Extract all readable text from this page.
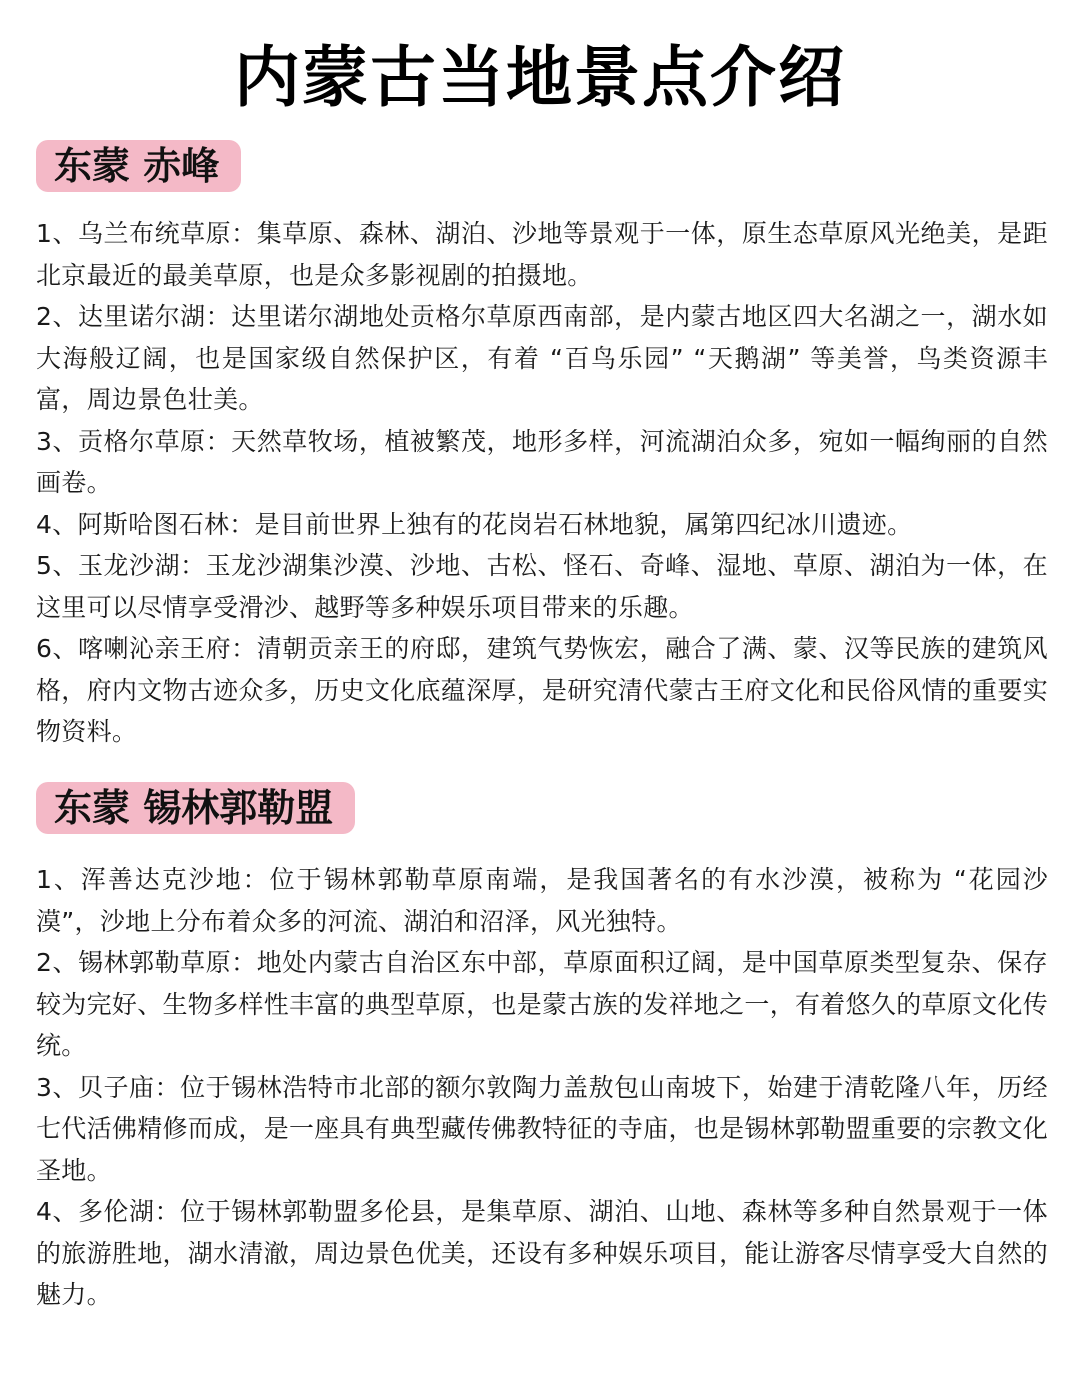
内蒙古当地景点介绍
东蒙 赤峰
1、乌兰布统草原：集草原、森林、湖泊、沙地等景观于一体，原生态草原风光绝美，是距北京最近的最美草原，也是众多影视剧的拍摄地。
2、达里诺尔湖：达里诺尔湖地处贡格尔草原西南部，是内蒙古地区四大名湖之一，湖水如大海般辽阔，也是国家级自然保护区，有着 “百鸟乐园” “天鹅湖” 等美誉，鸟类资源丰富，周边景色壮美。
3、贡格尔草原：天然草牧场，植被繁茂，地形多样，河流湖泊众多，宛如一幅绚丽的自然画卷。
4、阿斯哈图石林：是目前世界上独有的花岗岩石林地貌，属第四纪冰川遗迹。
5、玉龙沙湖：玉龙沙湖集沙漠、沙地、古松、怪石、奇峰、湿地、草原、湖泊为一体，在这里可以尽情享受滑沙、越野等多种娱乐项目带来的乐趣。
6、喀喇沁亲王府：清朝贡亲王的府邸，建筑气势恢宏，融合了满、蒙、汉等民族的建筑风格，府内文物古迹众多，历史文化底蕴深厚，是研究清代蒙古王府文化和民俗风情的重要实物资料。
东蒙 锡林郭勒盟
1、浑善达克沙地：位于锡林郭勒草原南端，是我国著名的有水沙漠，被称为 “花园沙漠”，沙地上分布着众多的河流、湖泊和沼泽，风光独特。
2、锡林郭勒草原：地处内蒙古自治区东中部，草原面积辽阔，是中国草原类型复杂、保存较为完好、生物多样性丰富的典型草原，也是蒙古族的发祥地之一，有着悠久的草原文化传统。
3、贝子庙：位于锡林浩特市北部的额尔敦陶力盖敖包山南坡下，始建于清乾隆八年，历经七代活佛精修而成，是一座具有典型藏传佛教特征的寺庙，也是锡林郭勒盟重要的宗教文化圣地。
4、多伦湖：位于锡林郭勒盟多伦县，是集草原、湖泊、山地、森林等多种自然景观于一体的旅游胜地，湖水清澈，周边景色优美，还设有多种娱乐项目，能让游客尽情享受大自然的魅力。
